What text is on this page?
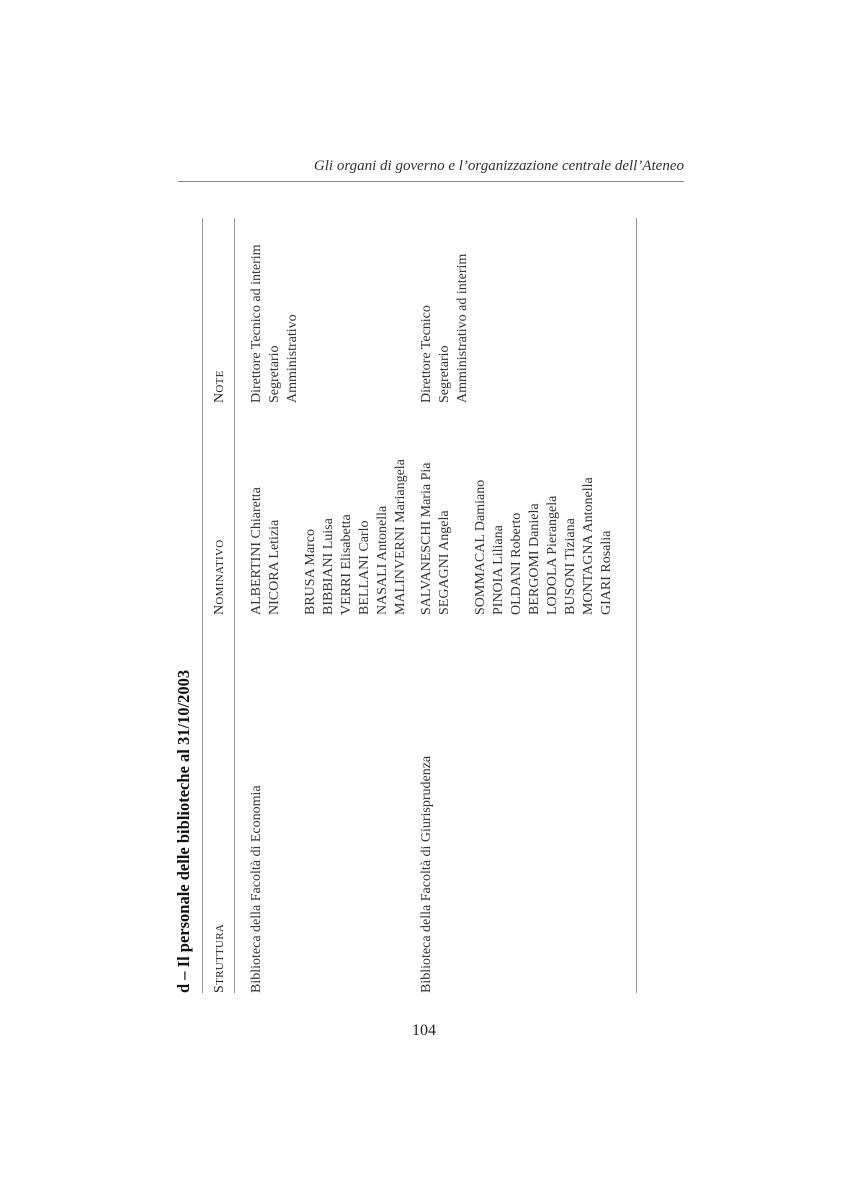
Gli organi di governo e l’organizzazione centrale dell’Ateneo
d – Il personale delle biblioteche al 31/10/2003 STRUTTURA
NOMINATIVO
NOTE
Biblioteca della Facoltà di Economia
ALBERTINI Chiaretta NICORA Letizia BRUSA Marco BIBBIANI Luisa VERRI Elisabetta BELLANI Carlo NASALI Antonella MALINVERNI Mariangela
Direttore Tecnico ad interim Segretario Amministrativo
Biblioteca della Facoltà di Giurisprudenza
SALVANESCHI Maria Pia SEGAGNI Angela SOMMACAL Damiano PINOIA Liliana OLDANI Roberto BERGOMI Daniela LODOLA Pierangela BUSONI Tiziana MONTAGNA Antonella GIARI Rosalia
Direttore Tecnico Segretario Amministrativo ad interim
104
